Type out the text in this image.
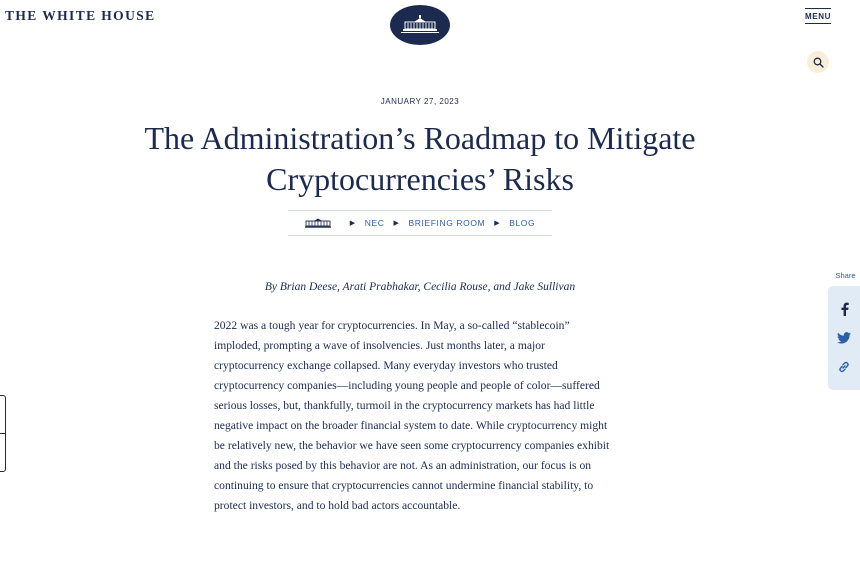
THE WHITE HOUSE	MENU
JANUARY 27, 2023
The Administration’s Roadmap to Mitigate Cryptocurrencies’ Risks
▶ NEC ▶ BRIEFING ROOM ▶ BLOG

By Brian Deese, Arati Prabhakar, Cecilia Rouse, and Jake Sullivan

2022 was a tough year for cryptocurrencies. In May, a so-called “stablecoin” imploded, prompting a wave of insolvencies. Just months later, a major cryptocurrency exchange collapsed. Many everyday investors who trusted cryptocurrency companies—including young people and people of color—suffered serious losses, but, thankfully, turmoil in the cryptocurrency markets has had little negative impact on the broader financial system to date. While cryptocurrency might be relatively new, the behavior we have seen some cryptocurrency companies exhibit and the risks posed by this behavior are not. As an administration, our focus is on continuing to ensure that cryptocurrencies cannot undermine financial stability, to protect investors, and to hold bad actors accountable.

Share
